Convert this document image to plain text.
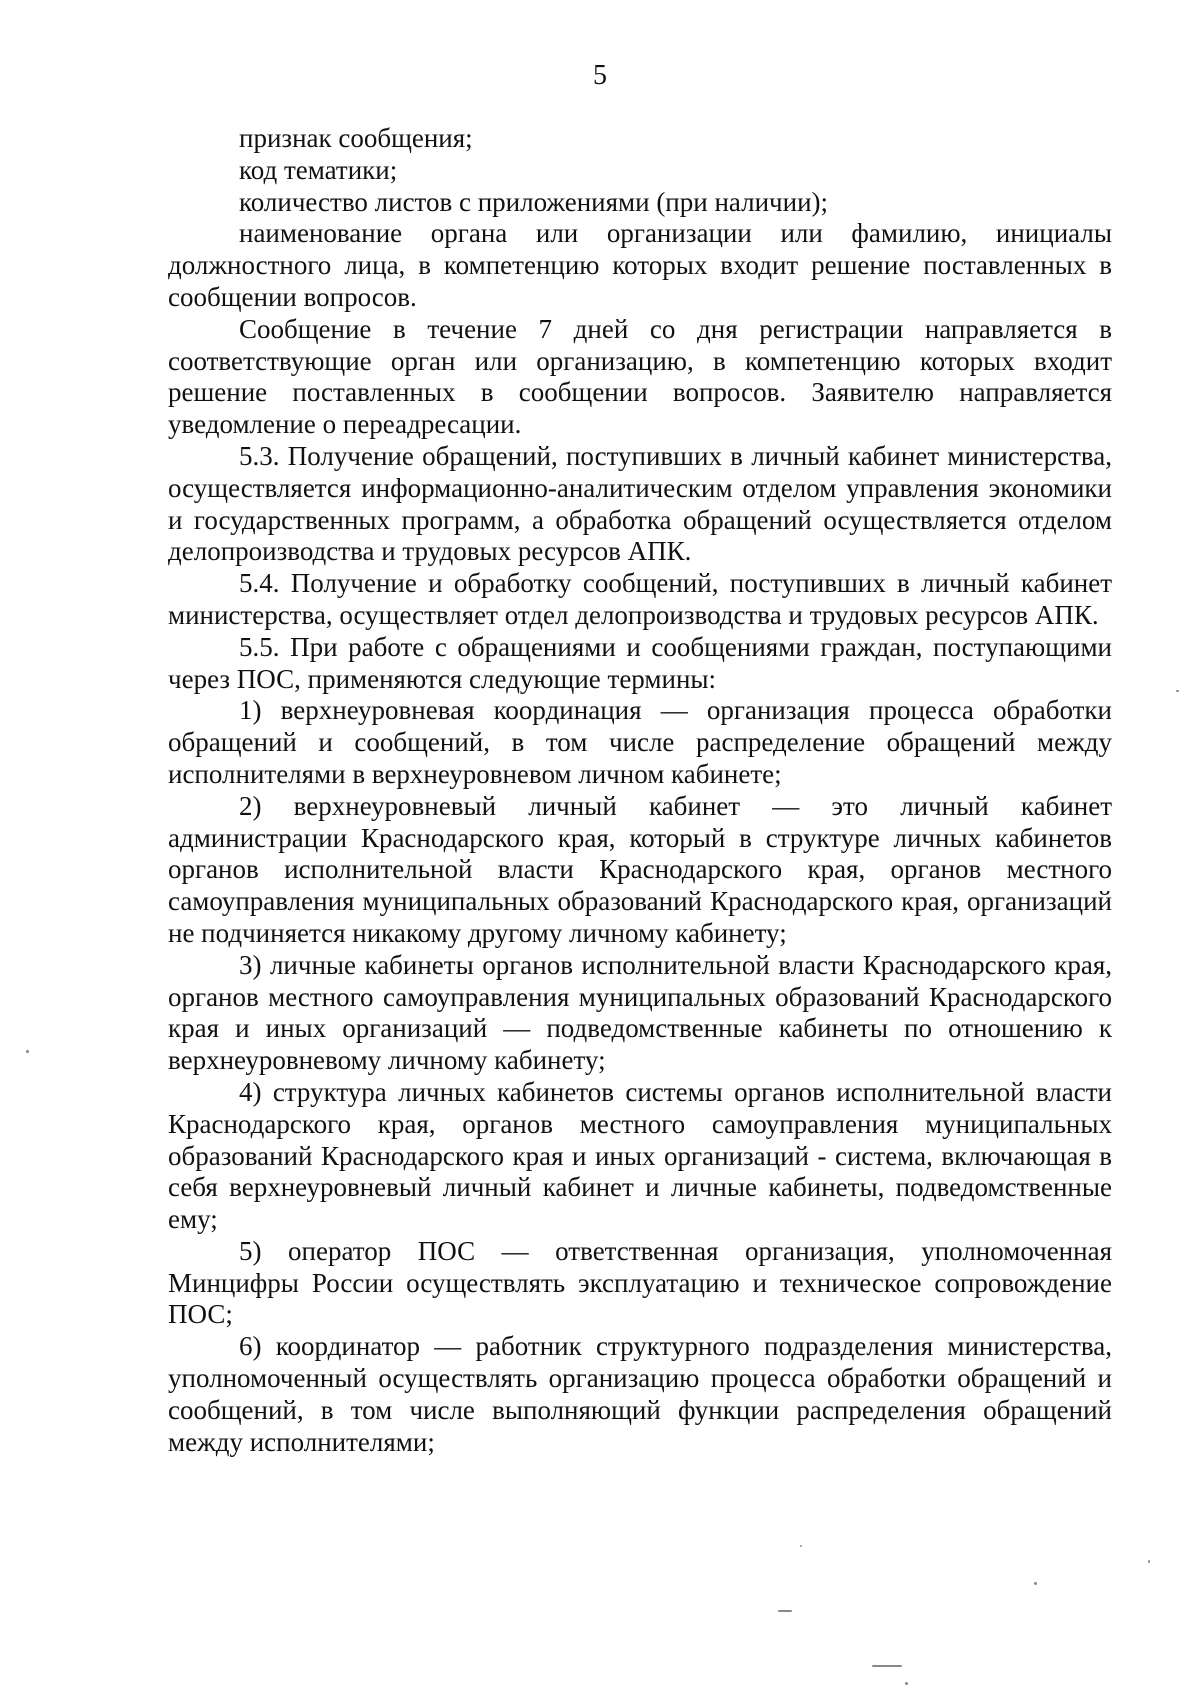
5

признак сообщения;

код тематики;

количество листов с приложениями (при наличии);

наименование органа или организации или фамилию, инициалы должностного лица, в компетенцию которых входит решение поставленных в сообщении вопросов.

Сообщение в течение 7 дней со дня регистрации направляется в соответствующие орган или организацию, в компетенцию которых входит решение поставленных в сообщении вопросов. Заявителю направляется уведомление о переадресации.

5.3. Получение обращений, поступивших в личный кабинет министерства, осуществляется информационно-аналитическим отделом управления экономики и государственных программ, а обработка обращений осуществляется отделом делопроизводства и трудовых ресурсов АПК.

5.4. Получение и обработку сообщений, поступивших в личный кабинет министерства, осуществляет отдел делопроизводства и трудовых ресурсов АПК.

5.5. При работе с обращениями и сообщениями граждан, поступающими через ПОС, применяются следующие термины:

1) верхнеуровневая координация — организация процесса обработки обращений и сообщений, в том числе распределение обращений между исполнителями в верхнеуровневом личном кабинете;

2) верхнеуровневый личный кабинет — это личный кабинет администрации Краснодарского края, который в структуре личных кабинетов органов исполнительной власти Краснодарского края, органов местного самоуправления муниципальных образований Краснодарского края, организаций не подчиняется никакому другому личному кабинету;

3) личные кабинеты органов исполнительной власти Краснодарского края, органов местного самоуправления муниципальных образований Краснодарского края и иных организаций — подведомственные кабинеты по отношению к верхнеуровневому личному кабинету;

4) структура личных кабинетов системы органов исполнительной власти Краснодарского края, органов местного самоуправления муниципальных образований Краснодарского края и иных организаций - система, включающая в себя верхнеуровневый личный кабинет и личные кабинеты, подведомственные ему;

5) оператор ПОС — ответственная организация, уполномоченная Минцифры России осуществлять эксплуатацию и техническое сопровождение ПОС;

6) координатор — работник структурного подразделения министерства, уполномоченный осуществлять организацию процесса обработки обращений и сообщений, в том числе выполняющий функции распределения обращений между исполнителями;
